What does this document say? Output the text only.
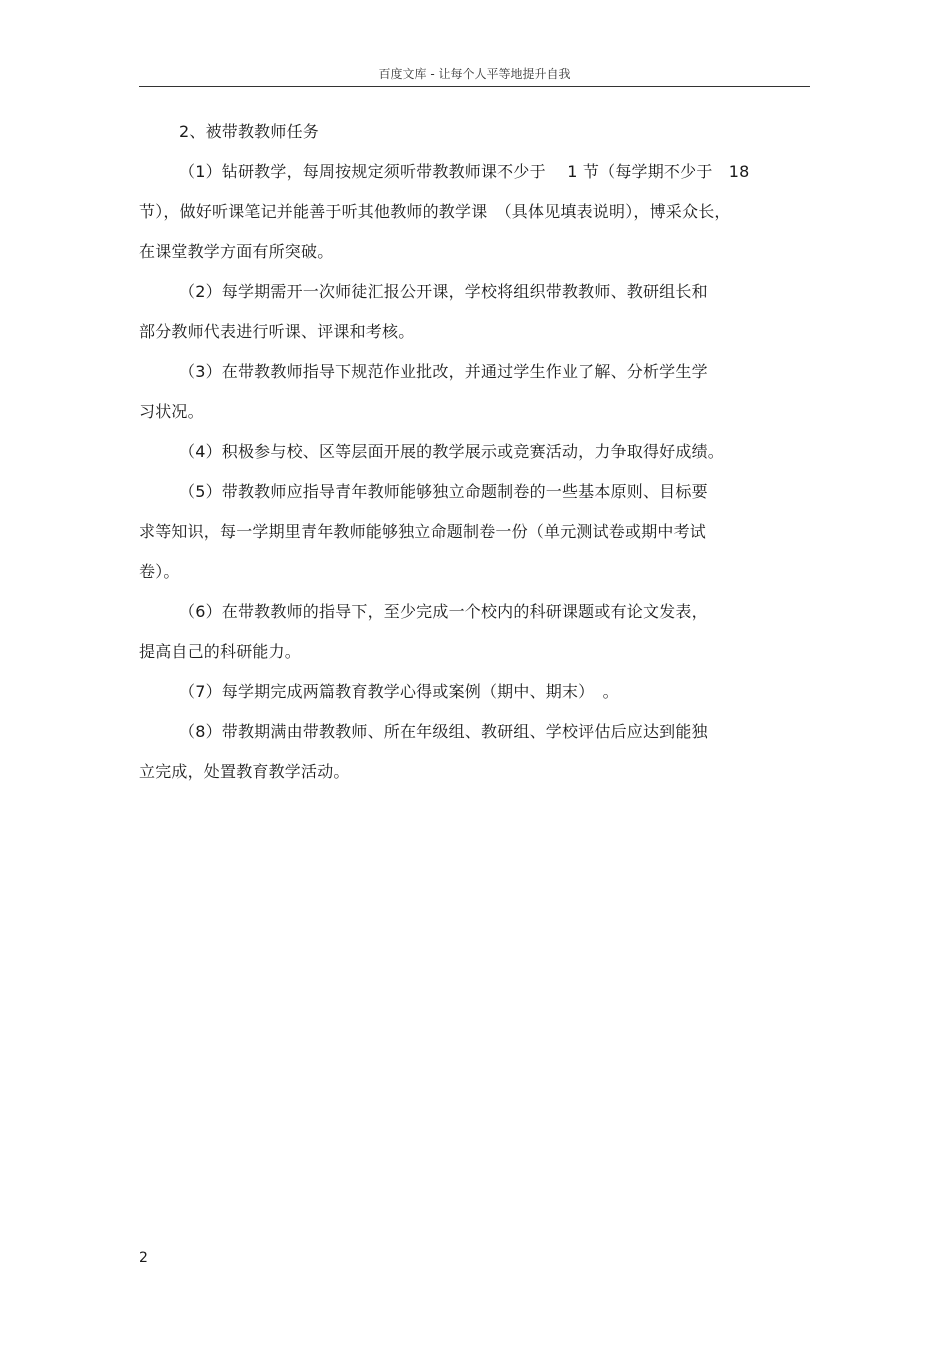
百度文库 - 让每个人平等地提升自我
2、被带教教师任务
（1）钻研教学，每周按规定须听带教教师课不少于　 1 节（每学期不少于　18
节），做好听课笔记并能善于听其他教师的教学课　（具体见填表说明），博采众长，
在课堂教学方面有所突破。
（2）每学期需开一次师徒汇报公开课，学校将组织带教教师、教研组长和
部分教师代表进行听课、评课和考核。
（3）在带教教师指导下规范作业批改，并通过学生作业了解、分析学生学
习状况。
（4）积极参与校、区等层面开展的教学展示或竞赛活动，力争取得好成绩。
（5）带教教师应指导青年教师能够独立命题制卷的一些基本原则、目标要
求等知识，每一学期里青年教师能够独立命题制卷一份（单元测试卷或期中考试
卷）。
（6）在带教教师的指导下，至少完成一个校内的科研课题或有论文发表，
提高自己的科研能力。
（7）每学期完成两篇教育教学心得或案例（期中、期末）　。
（8）带教期满由带教教师、所在年级组、教研组、学校评估后应达到能独
立完成，处置教育教学活动。
2
